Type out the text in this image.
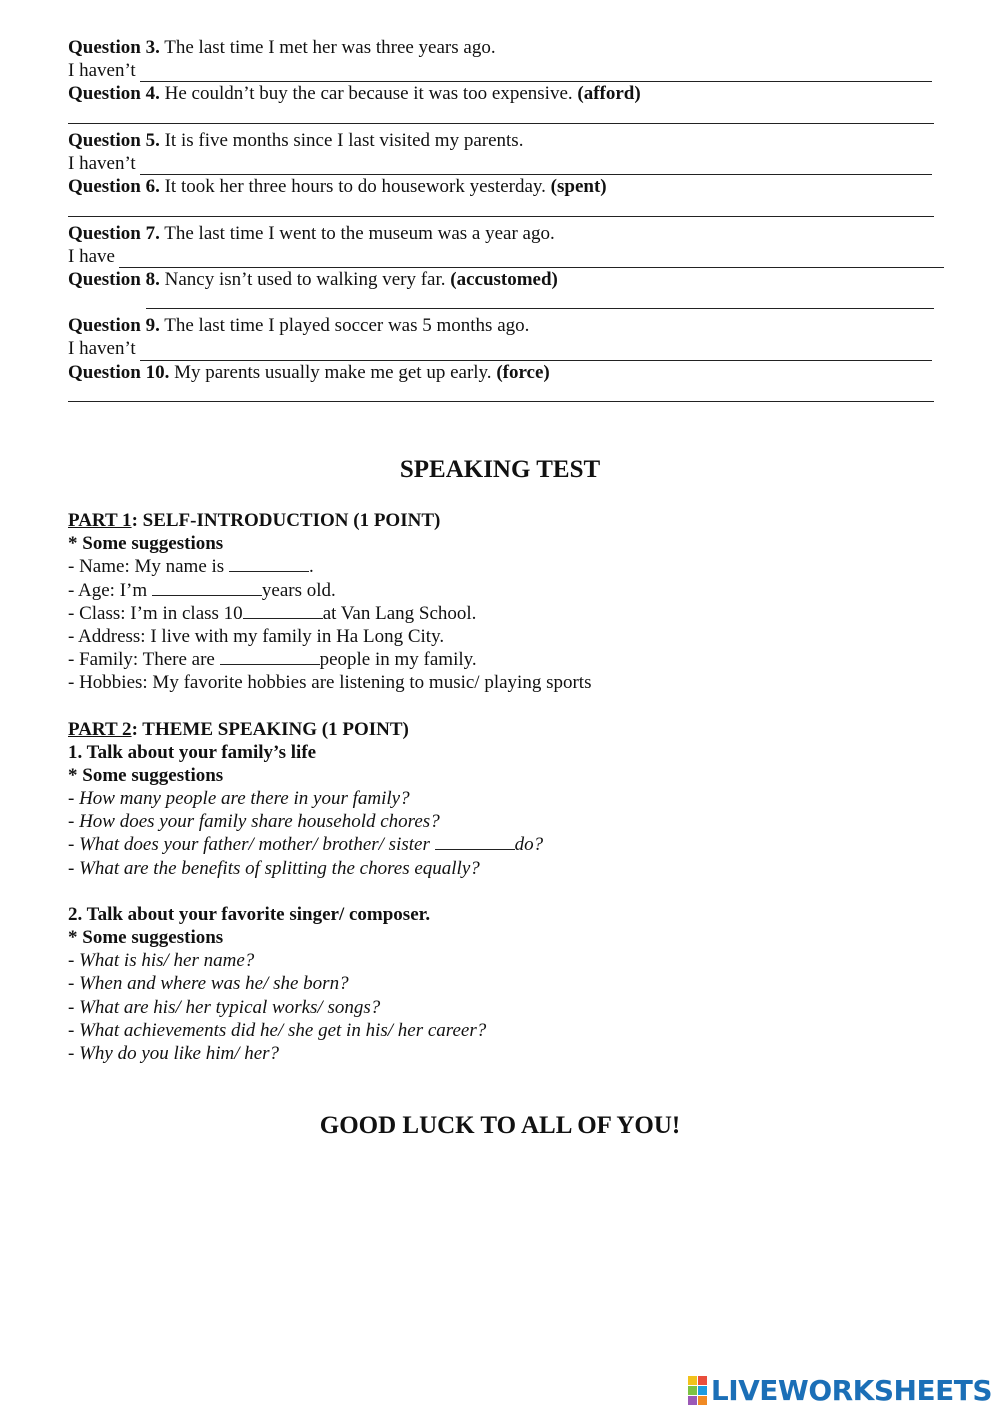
Question 3. The last time I met her was three years ago.
I haven’t
Question 4. He couldn’t buy the car because it was too expensive. (afford)
Question 5. It is five months since I last visited my parents.
I haven’t
Question 6. It took her three hours to do housework yesterday. (spent)
Question 7. The last time I went to the museum was a year ago.
I have
Question 8. Nancy isn’t used to walking very far. (accustomed)
Question 9. The last time I played soccer was 5 months ago.
I haven’t
Question 10. My parents usually make me get up early. (force)
SPEAKING TEST
PART 1: SELF-INTRODUCTION (1 POINT)
* Some suggestions
- Name: My name is	.
- Age: I’m	years old.
- Class: I’m in class 10	at Van Lang School.
- Address: I live with my family in Ha Long City.
- Family: There are	people in my family.
- Hobbies: My favorite hobbies are listening to music/ playing sports
PART 2: THEME SPEAKING (1 POINT)
1. Talk about your family’s life
* Some suggestions
- How many people are there in your family?
- How does your family share household chores?
- What does your father/ mother/ brother/ sister	do?
- What are the benefits of splitting the chores equally?
2. Talk about your favorite singer/ composer.
* Some suggestions
- What is his/ her name?
- When and where was he/ she born?
- What are his/ her typical works/ songs?
- What achievements did he/ she get in his/ her career?
- Why do you like him/ her?
GOOD LUCK TO ALL OF YOU!
LIVEWORKSHEETS
